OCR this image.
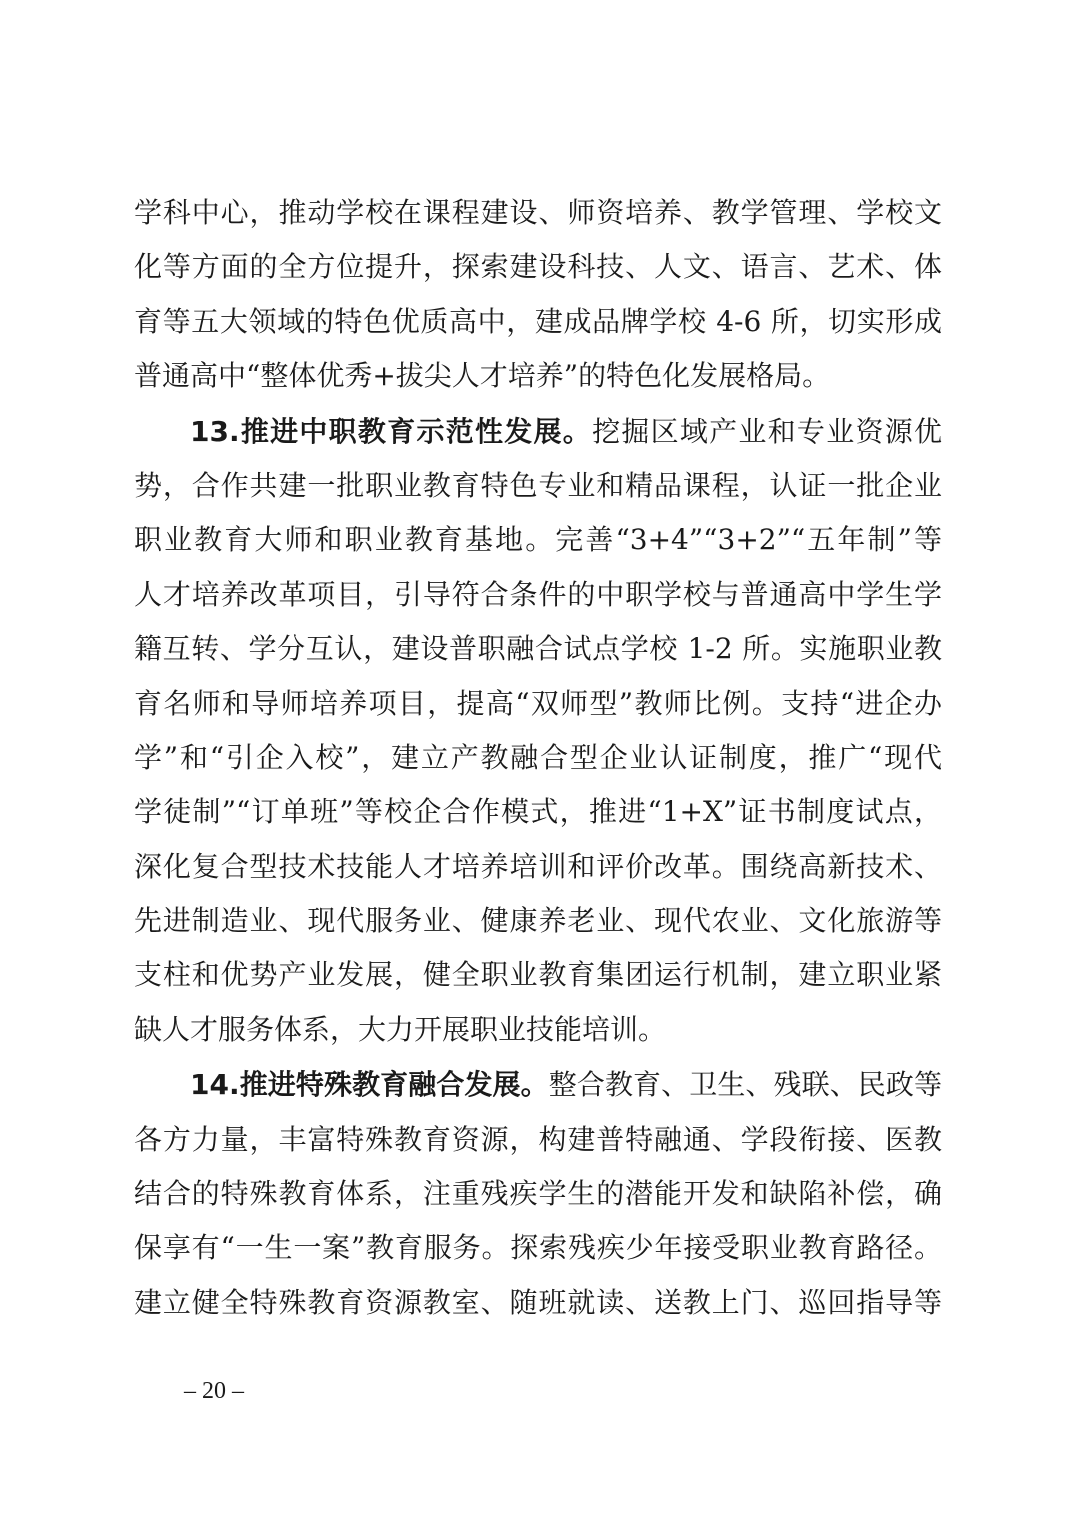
学科中心，推动学校在课程建设、师资培养、教学管理、学校文
化等方面的全方位提升，探索建设科技、人文、语言、艺术、体
育等五大领域的特色优质高中，建成品牌学校 4-6 所，切实形成
普通高中“整体优秀+拔尖人才培养”的特色化发展格局。
13.推进中职教育示范性发展。挖掘区域产业和专业资源优
势，合作共建一批职业教育特色专业和精品课程，认证一批企业
职业教育大师和职业教育基地。完善“3+4”“3+2”“五年制”等
人才培养改革项目，引导符合条件的中职学校与普通高中学生学
籍互转、学分互认，建设普职融合试点学校 1-2 所。实施职业教
育名师和导师培养项目，提高“双师型”教师比例。支持“进企办
学”和“引企入校”，建立产教融合型企业认证制度，推广“现代
学徒制”“订单班”等校企合作模式，推进“1+X”证书制度试点，
深化复合型技术技能人才培养培训和评价改革。围绕高新技术、
先进制造业、现代服务业、健康养老业、现代农业、文化旅游等
支柱和优势产业发展，健全职业教育集团运行机制，建立职业紧
缺人才服务体系，大力开展职业技能培训。
14.推进特殊教育融合发展。整合教育、卫生、残联、民政等
各方力量，丰富特殊教育资源，构建普特融通、学段衔接、医教
结合的特殊教育体系，注重残疾学生的潜能开发和缺陷补偿，确
保享有“一生一案”教育服务。探索残疾少年接受职业教育路径。
建立健全特殊教育资源教室、随班就读、送教上门、巡回指导等
– 20 –
